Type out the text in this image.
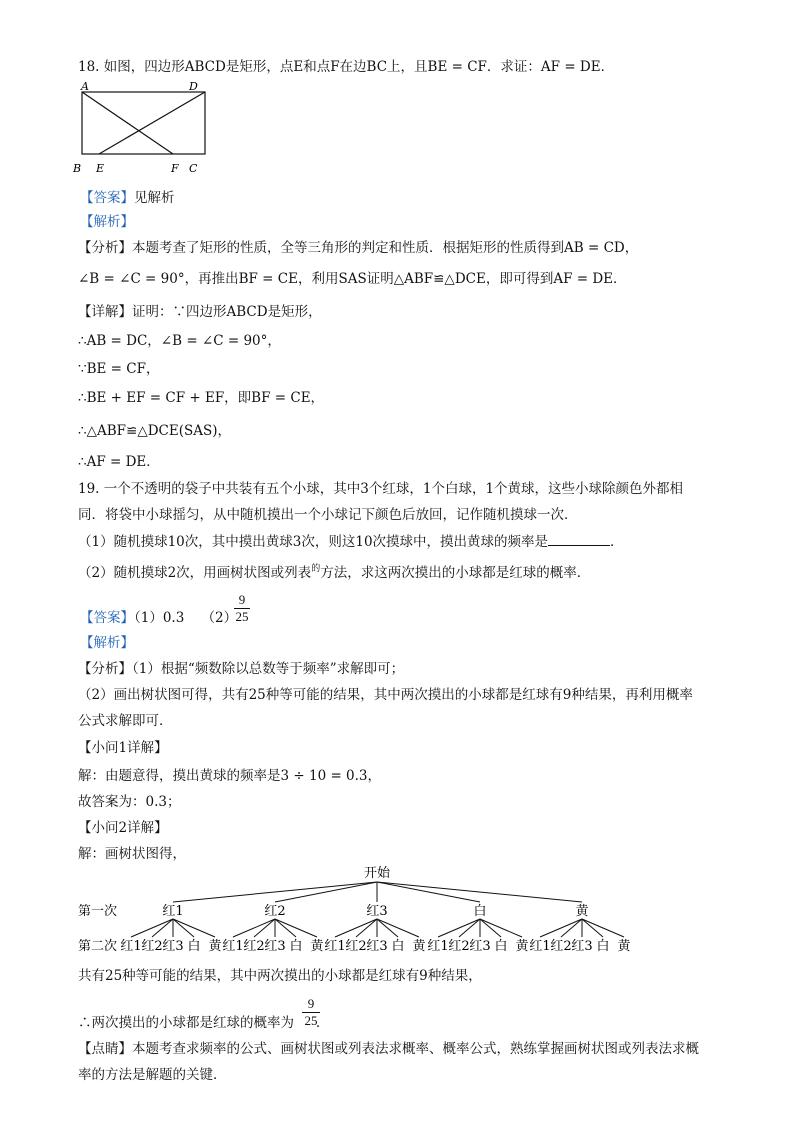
18. 如图，四边形ABCD是矩形，点E和点F在边BC上，且BE = CF．求证：AF = DE．
A	D
B E	F C
【答案】见解析
【解析】
【分析】本题考查了矩形的性质，全等三角形的判定和性质．根据矩形的性质得到AB = CD，
∠B = ∠C = 90°，再推出BF = CE，利用SAS证明△ABF≌△DCE，即可得到AF = DE．
【详解】证明：∵四边形ABCD是矩形，
∴AB = DC，∠B = ∠C = 90°，
∵BE = CF，
∴BE + EF = CF + EF，即BF = CE，
∴△ABF≌△DCE(SAS)，
∴AF = DE．
19. 一个不透明的袋子中共装有五个小球，其中3个红球，1个白球，1个黄球，这些小球除颜色外都相
同．将袋中小球摇匀，从中随机摸出一个小球记下颜色后放回，记作随机摸球一次．
（1）随机摸球10次，其中摸出黄球3次，则这10次摸球中，摸出黄球的频率是	．
（2）随机摸球2次，用画树状图或列表$^的$方法，求这两次摸出的小球都是红球的概率．
【答案】（1）0.3 （2）
9
25
【解析】
【分析】（1）根据“频数除以总数等于频率”求解即可；
（2）画出树状图可得，共有25种等可能的结果，其中两次摸出的小球都是红球有9种结果，再利用概率
公式求解即可．
【小问1详解】
解：由题意得，摸出黄球的频率是3 ÷ 10 = 0.3，
故答案为：0.3；
【小问2详解】
解：画树状图得，
开始
第一次
第二次
红1
红1 红2 红3 白 黄
红2
红1 红2 红3 白 黄
红3
红1 红2 红3 白 黄
白
红1 红2 红3 白 黄
黄
红1 红2 红3 白 黄
共有25种等可能的结果，其中两次摸出的小球都是红球有9种结果，
∴两次摸出的小球都是红球的概率为 ．
9
25
【点睛】本题考查求频率的公式、画树状图或列表法求概率、概率公式，熟练掌握画树状图或列表法求概
率的方法是解题的关键．
